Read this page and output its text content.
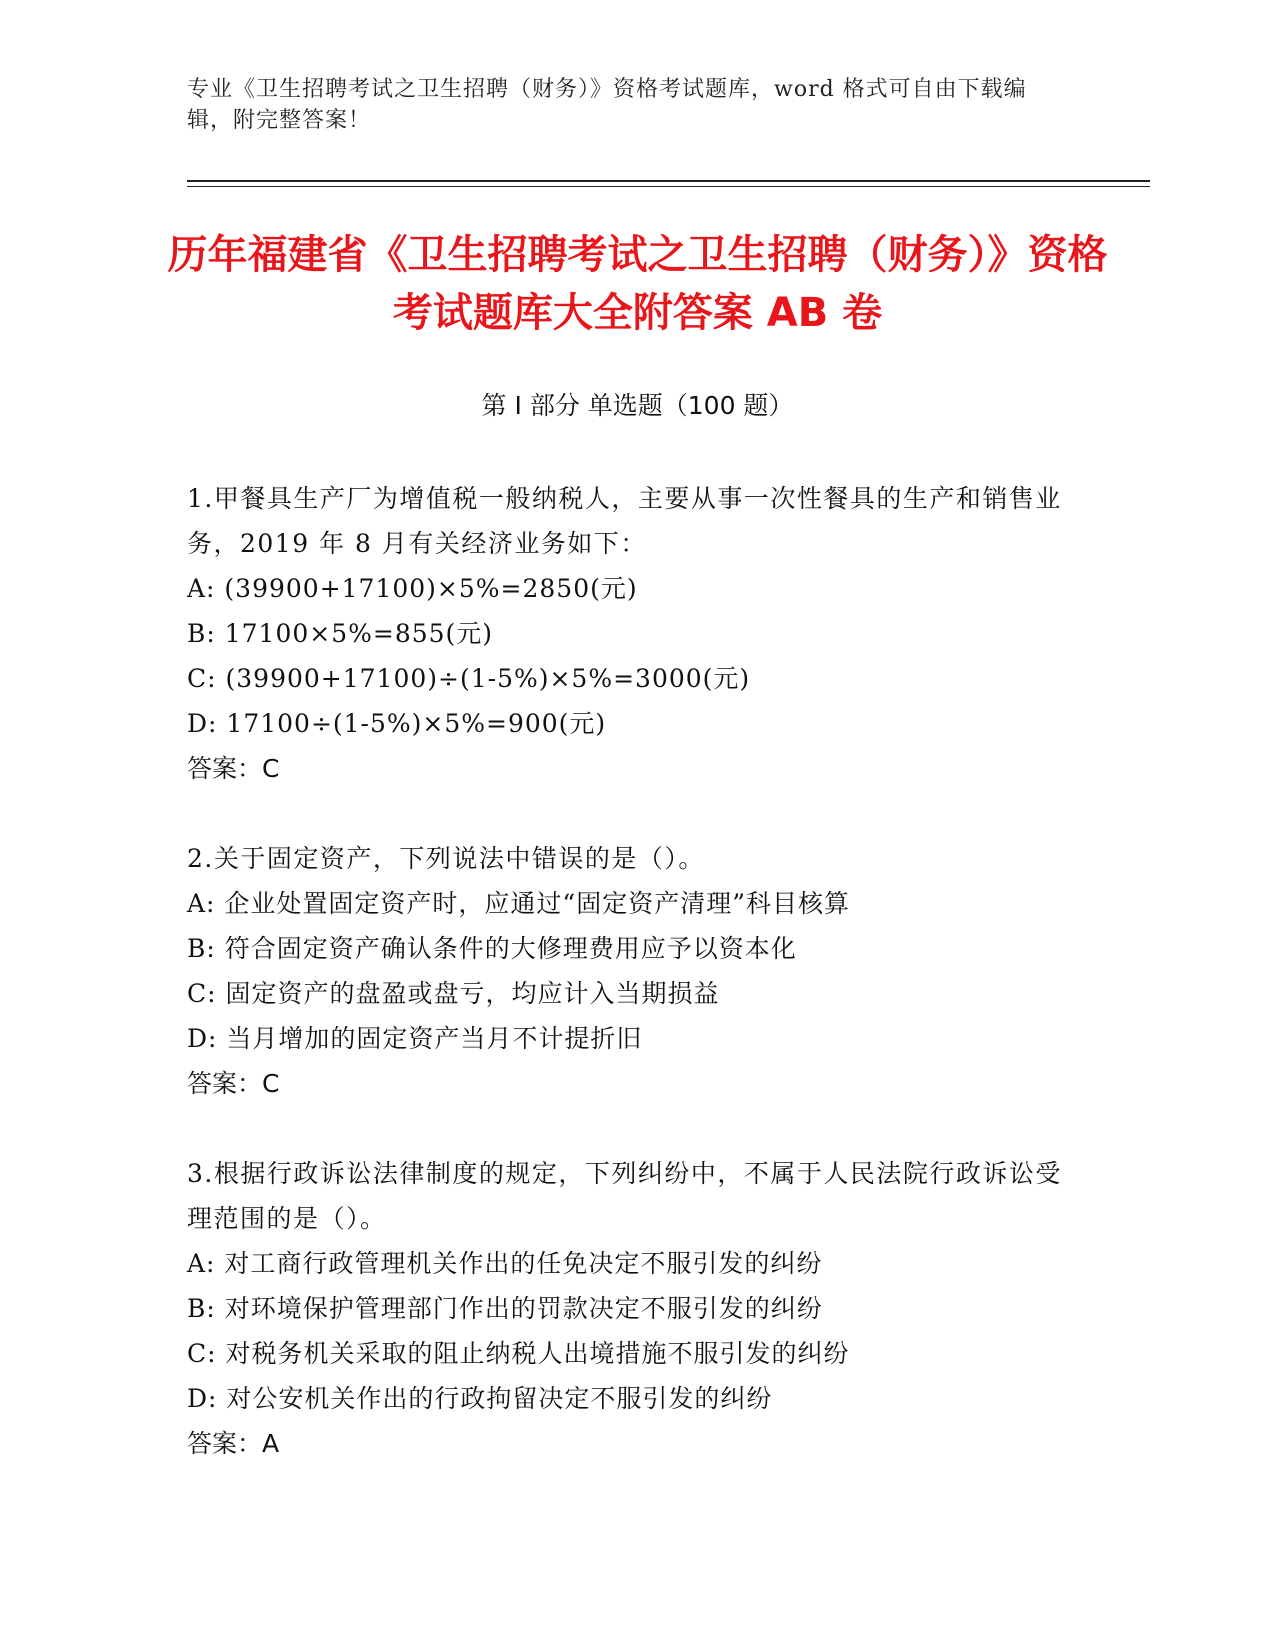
专业《卫生招聘考试之卫生招聘（财务）》资格考试题库，word 格式可自由下载编辑，附完整答案！
历年福建省《卫生招聘考试之卫生招聘（财务）》资格考试题库大全附答案 AB 卷
第 I 部分 单选题（100 题）
1.甲餐具生产厂为增值税一般纳税人，主要从事一次性餐具的生产和销售业务，2019 年 8 月有关经济业务如下：
A: (39900+17100)×5%=2850(元)
B: 17100×5%=855(元)
C: (39900+17100)÷(1-5%)×5%=3000(元)
D: 17100÷(1-5%)×5%=900(元)
答案：C
2.关于固定资产，下列说法中错误的是（）。
A: 企业处置固定资产时，应通过“固定资产清理”科目核算
B: 符合固定资产确认条件的大修理费用应予以资本化
C: 固定资产的盘盈或盘亏，均应计入当期损益
D: 当月增加的固定资产当月不计提折旧
答案：C
3.根据行政诉讼法律制度的规定，下列纠纷中，不属于人民法院行政诉讼受理范围的是（）。
A: 对工商行政管理机关作出的任免决定不服引发的纠纷
B: 对环境保护管理部门作出的罚款决定不服引发的纠纷
C: 对税务机关采取的阻止纳税人出境措施不服引发的纠纷
D: 对公安机关作出的行政拘留决定不服引发的纠纷
答案：A
